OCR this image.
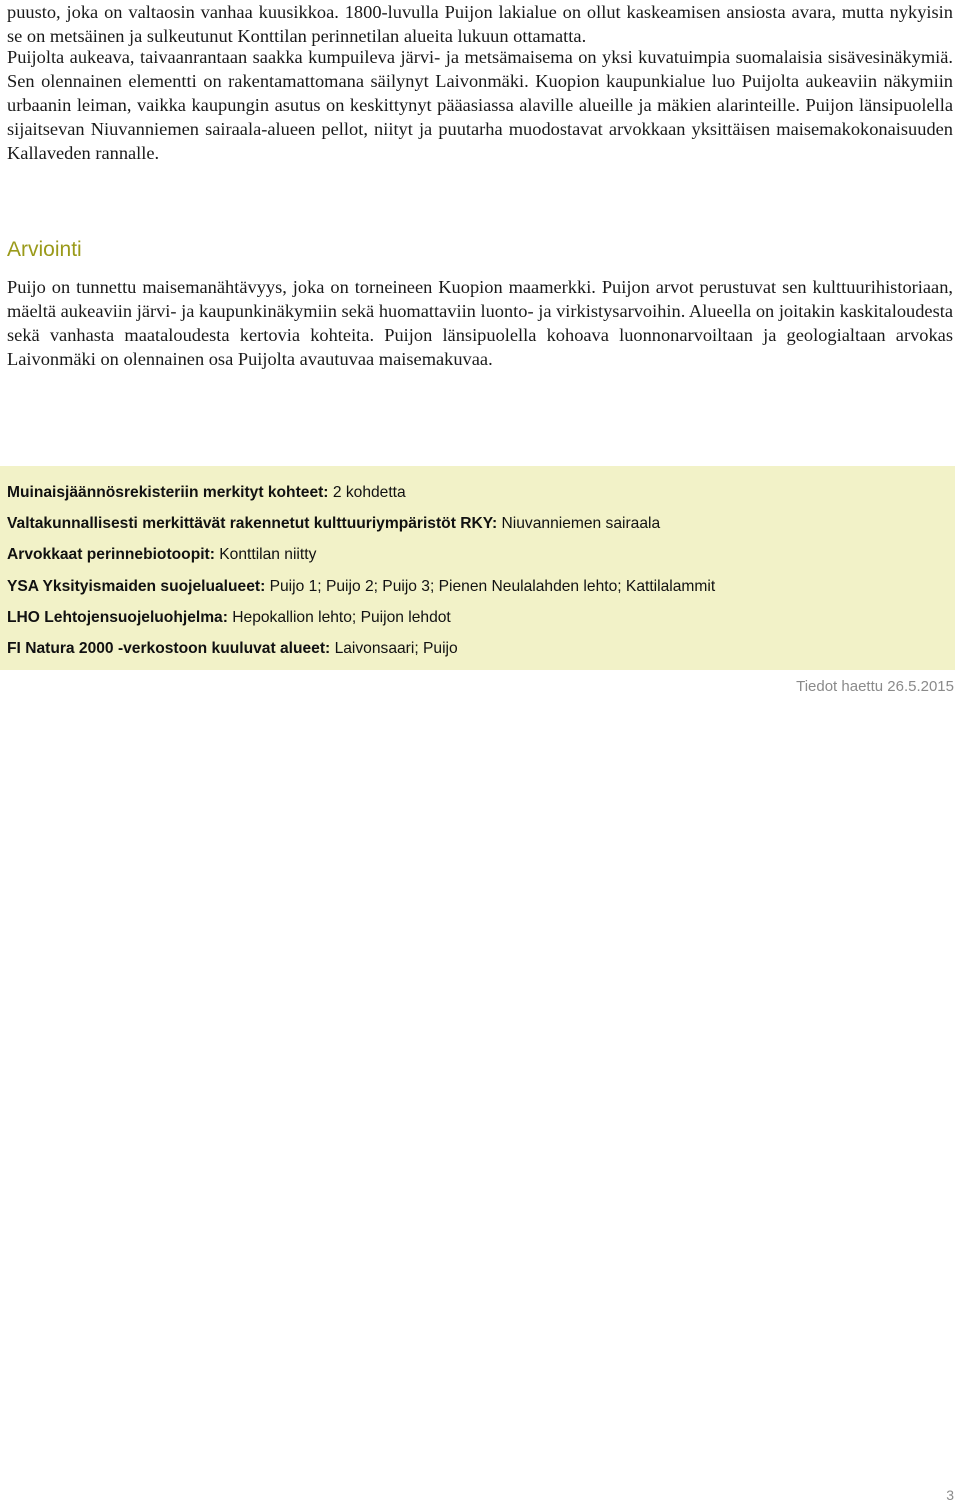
puusto, joka on valtaosin vanhaa kuusikkoa. 1800-luvulla Puijon lakialue on ollut kaskeamisen ansiosta avara, mutta nykyisin se on metsäinen ja sulkeutunut Konttilan perinnetilan alueita lukuun ottamatta.

Puijolta aukeava, taivaanrantaan saakka kumpuileva järvi- ja metsämaisema on yksi kuvatuimpia suomalaisia sisävesinäkymiä. Sen olennainen elementti on rakentamattomana säilynyt Laivonmäki. Kuopion kaupunkialue luo Puijolta aukeaviin näkymiin urbaanin leiman, vaikka kaupungin asutus on keskittynyt pääasiassa alaville alueille ja mäkien alarinteille. Puijon länsipuolella sijaitsevan Niuvanniemen sairaala-alueen pellot, niityt ja puutarha muodostavat arvokkaan yksittäisen maisemakokonaisuuden Kallaveden rannalle.

Arviointi

Puijo on tunnettu maisemanähtävyys, joka on torneineen Kuopion maamerkki. Puijon arvot perustuvat sen kulttuurihistoriaan, mäeltä aukeaviin järvi- ja kaupunkinäkymiin sekä huomattaviin luonto- ja virkistysarvoihin. Alueella on joitakin kaskitaloudesta sekä vanhasta maataloudesta kertovia kohteita. Puijon länsipuolella kohoava luonnonarvoiltaan ja geologialtaan arvokas Laivonmäki on olennainen osa Puijolta avautuvaa maisemakuvaa.

Muinaisjäännösrekisteriin merkityt kohteet: 2 kohdetta
Valtakunnallisesti merkittävät rakennetut kulttuuriympäristöt RKY: Niuvanniemen sairaala
Arvokkaat perinnebiotoopit: Konttilan niitty
YSA Yksityismaiden suojelualueet: Puijo 1; Puijo 2; Puijo 3; Pienen Neulalahden lehto; Kattilalammit
LHO Lehtojensuojeluohjelma: Hepokallion lehto; Puijon lehdot
FI Natura 2000 -verkostoon kuuluvat alueet: Laivonsaari; Puijo
Tiedot haettu 26.5.2015
3
